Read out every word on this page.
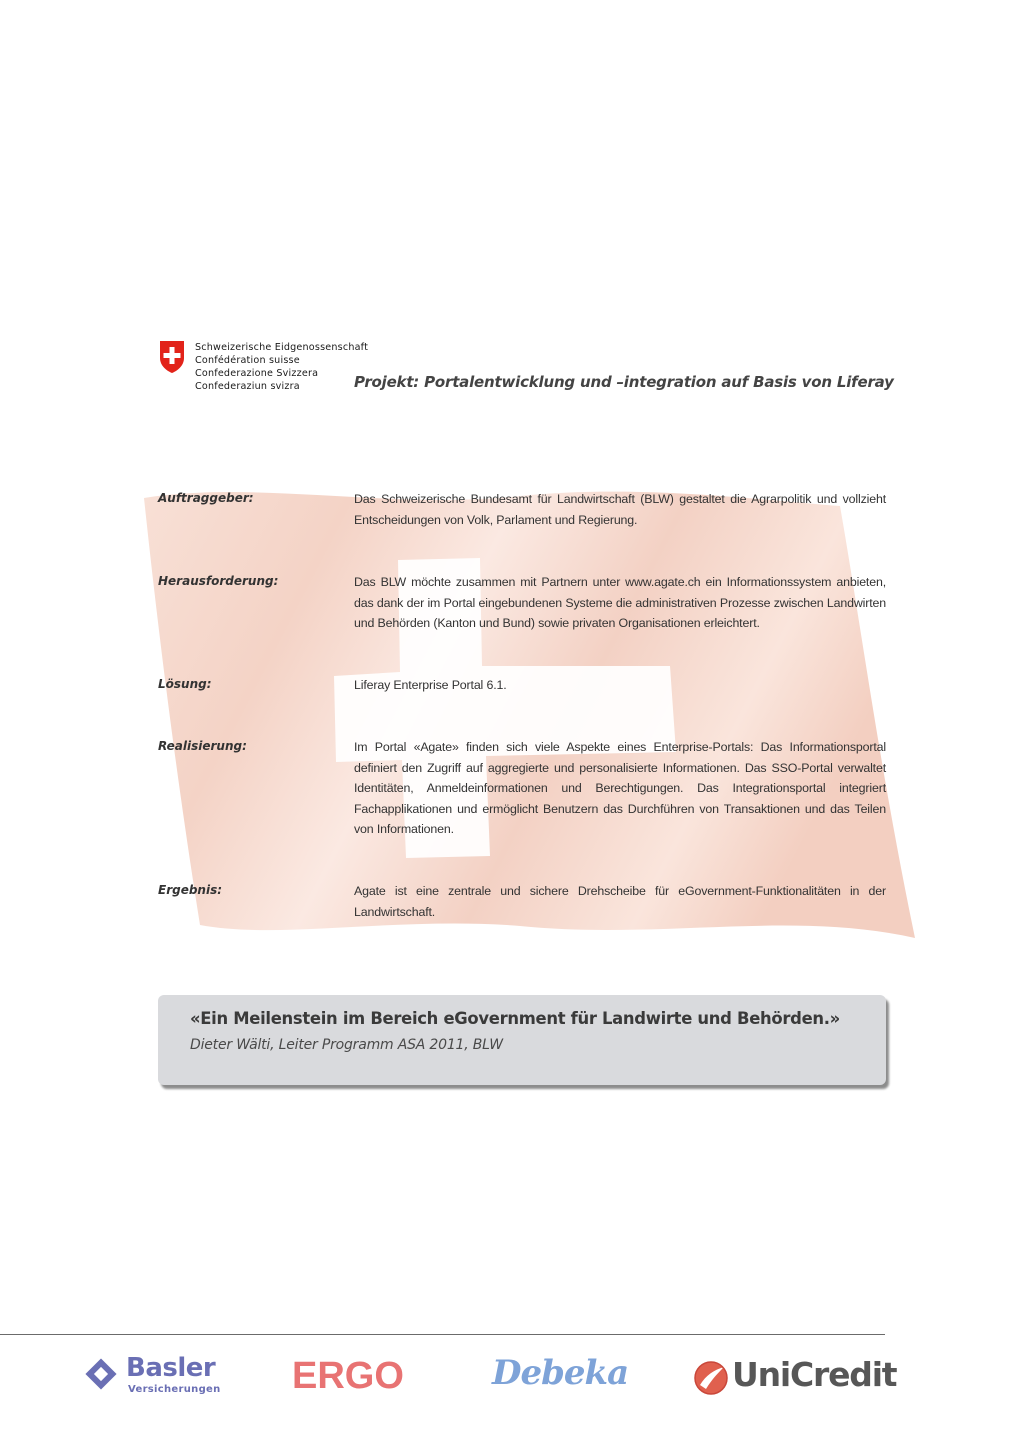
Schweizerische Eidgenossenschaft
Confédération suisse
Confederazione Svizzera
Confederaziun svizra	Projekt: Portalentwicklung und –integration auf Basis von Liferay
Auftraggeber:	Das Schweizerische Bundesamt für Landwirtschaft (BLW) gestaltet die Agrarpolitik und vollzieht Entscheidungen von Volk, Parlament und Regierung.
Herausforderung:	Das BLW möchte zusammen mit Partnern unter www.agate.ch ein Informationssystem anbieten, das dank der im Portal eingebundenen Systeme die administrativen Prozesse zwischen Landwirten und Behörden (Kanton und Bund) sowie privaten Organisationen erleichtert.
Lösung:	Liferay Enterprise Portal 6.1.
Realisierung:	Im Portal «Agate» finden sich viele Aspekte eines Enterprise-Portals: Das Informationsportal definiert den Zugriff auf aggregierte und personalisierte Informationen. Das SSO-Portal verwaltet Identitäten, Anmeldeinformationen und Berechtigungen. Das Integrationsportal integriert Fachapplikationen und ermöglicht Benutzern das Durchführen von Transaktionen und das Teilen von Informationen.
Ergebnis:	Agate ist eine zentrale und sichere Drehscheibe für eGovernment-Funktionalitäten in der Landwirtschaft.
«Ein Meilenstein im Bereich eGovernment für Landwirte und Behörden.»
Dieter Wälti, Leiter Programm ASA 2011, BLW
Basler
Versicherungen ERGO	Debeka	UniCredit
